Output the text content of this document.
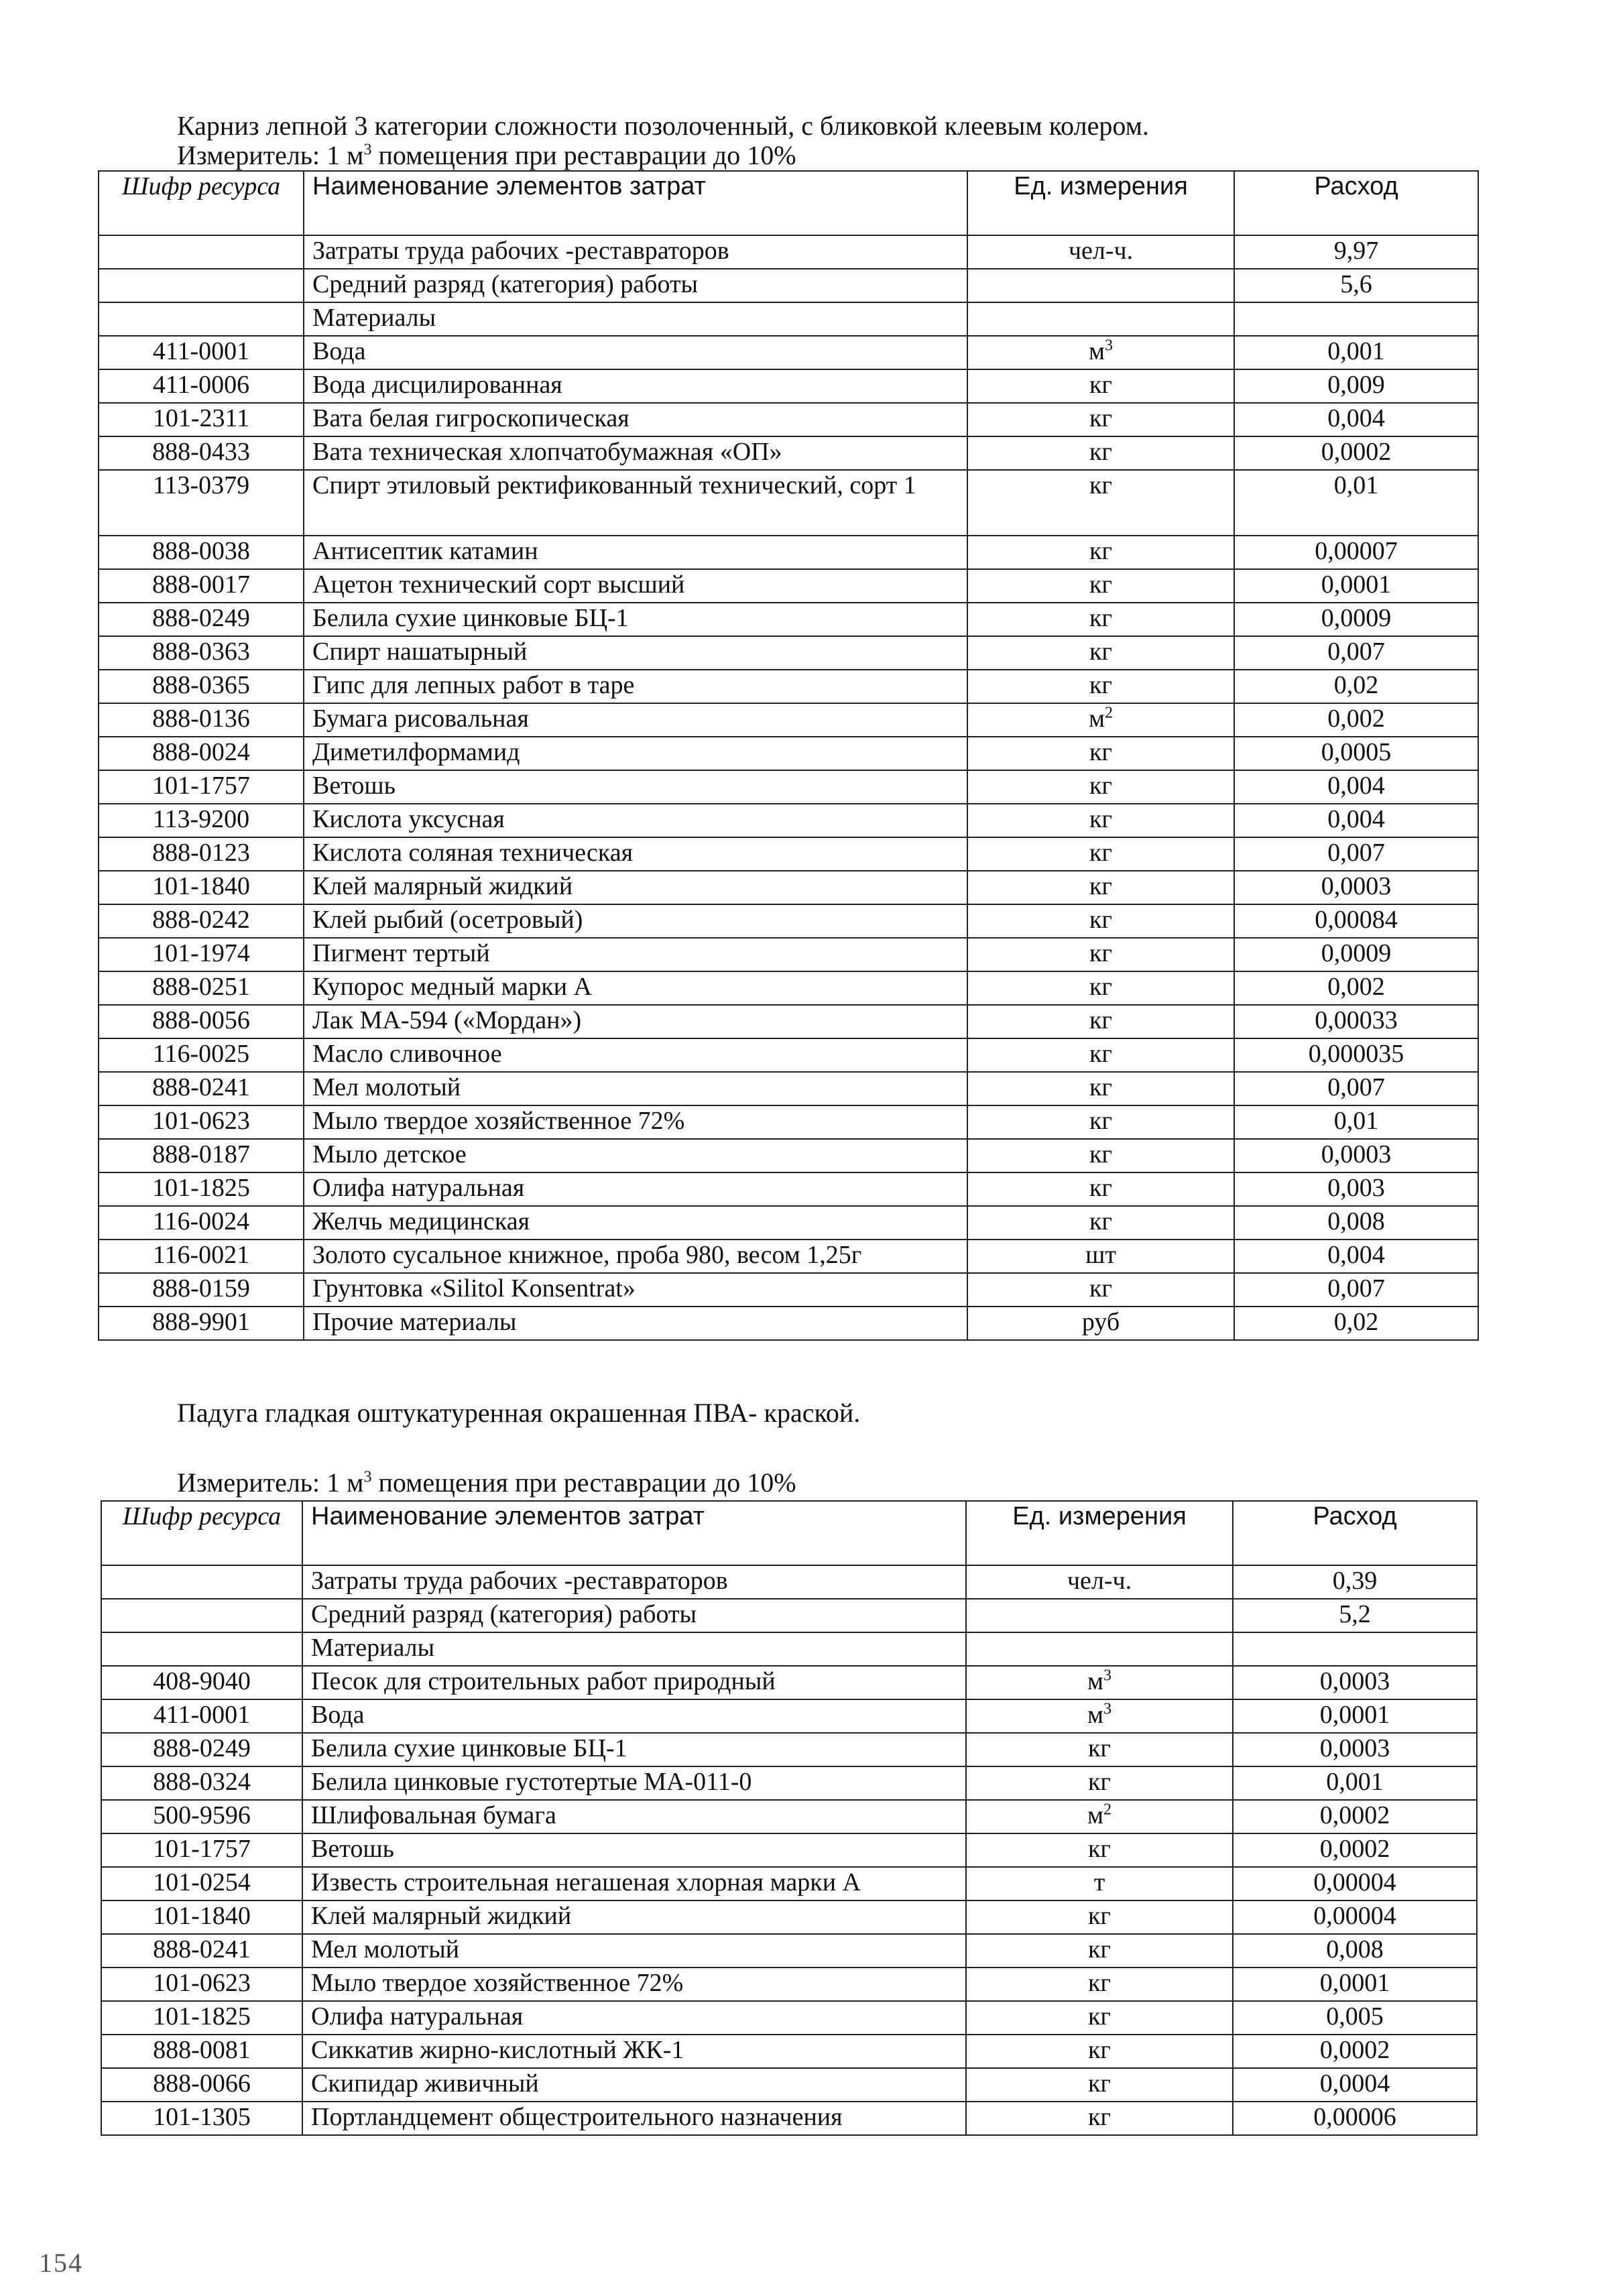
Карниз лепной 3 категории сложности позолоченный, с бликовкой клеевым колером.
Измеритель: 1 $м^3$ помещения при реставрации до 10%
Шифр ресурса	Наименование элементов затрат	Ед. измерения	Расход
	Затраты труда рабочих -реставраторов	чел-ч.	9,97
	Средний разряд (категория) работы		5,6
	Материалы		
411-0001	Вода	$м^3$	0,001
411-0006	Вода дисцилированная	кг	0,009
101-2311	Вата белая гигроскопическая	кг	0,004
888-0433	Вата техническая хлопчатобумажная «ОП»	кг	0,0002
113-0379	Спирт этиловый ректификованный технический, сорт 1	кг	0,01
888-0038	Антисептик катамин	кг	0,00007
888-0017	Ацетон технический сорт высший	кг	0,0001
888-0249	Белила сухие цинковые БЦ-1	кг	0,0009
888-0363	Спирт нашатырный	кг	0,007
888-0365	Гипс для лепных работ в таре	кг	0,02
888-0136	Бумага рисовальная	$м^2$	0,002
888-0024	Диметилформамид	кг	0,0005
101-1757	Ветошь	кг	0,004
113-9200	Кислота уксусная	кг	0,004
888-0123	Кислота соляная техническая	кг	0,007
101-1840	Клей малярный жидкий	кг	0,0003
888-0242	Клей рыбий (осетровый)	кг	0,00084
101-1974	Пигмент тертый	кг	0,0009
888-0251	Купорос медный марки А	кг	0,002
888-0056	Лак МА-594 («Мордан»)	кг	0,00033
116-0025	Масло сливочное	кг	0,000035
888-0241	Мел молотый	кг	0,007
101-0623	Мыло твердое хозяйственное 72%	кг	0,01
888-0187	Мыло детское	кг	0,0003
101-1825	Олифа натуральная	кг	0,003
116-0024	Желчь медицинская	кг	0,008
116-0021	Золото сусальное книжное, проба 980, весом 1,25г	шт	0,004
888-0159	Грунтовка «Silitol Konsentrat»	кг	0,007
888-9901	Прочие материалы	руб	0,02
Падуга гладкая оштукатуренная окрашенная ПВА- краской.
Измеритель: 1 $м^3$ помещения при реставрации до 10%
Шифр ресурса	Наименование элементов затрат	Ед. измерения	Расход
	Затраты труда рабочих -реставраторов	чел-ч.	0,39
	Средний разряд (категория) работы		5,2
	Материалы		
408-9040	Песок для строительных работ природный	$м^3$	0,0003
411-0001	Вода	$м^3$	0,0001
888-0249	Белила сухие цинковые БЦ-1	кг	0,0003
888-0324	Белила цинковые густотертые МА-011-0	кг	0,001
500-9596	Шлифовальная бумага	$м^2$	0,0002
101-1757	Ветошь	кг	0,0002
101-0254	Известь строительная негашеная хлорная марки А	т	0,00004
101-1840	Клей малярный жидкий	кг	0,00004
888-0241	Мел молотый	кг	0,008
101-0623	Мыло твердое хозяйственное 72%	кг	0,0001
101-1825	Олифа натуральная	кг	0,005
888-0081	Сиккатив жирно-кислотный ЖК-1	кг	0,0002
888-0066	Скипидар живичный	кг	0,0004
101-1305	Портландцемент общестроительного назначения	кг	0,00006
154
